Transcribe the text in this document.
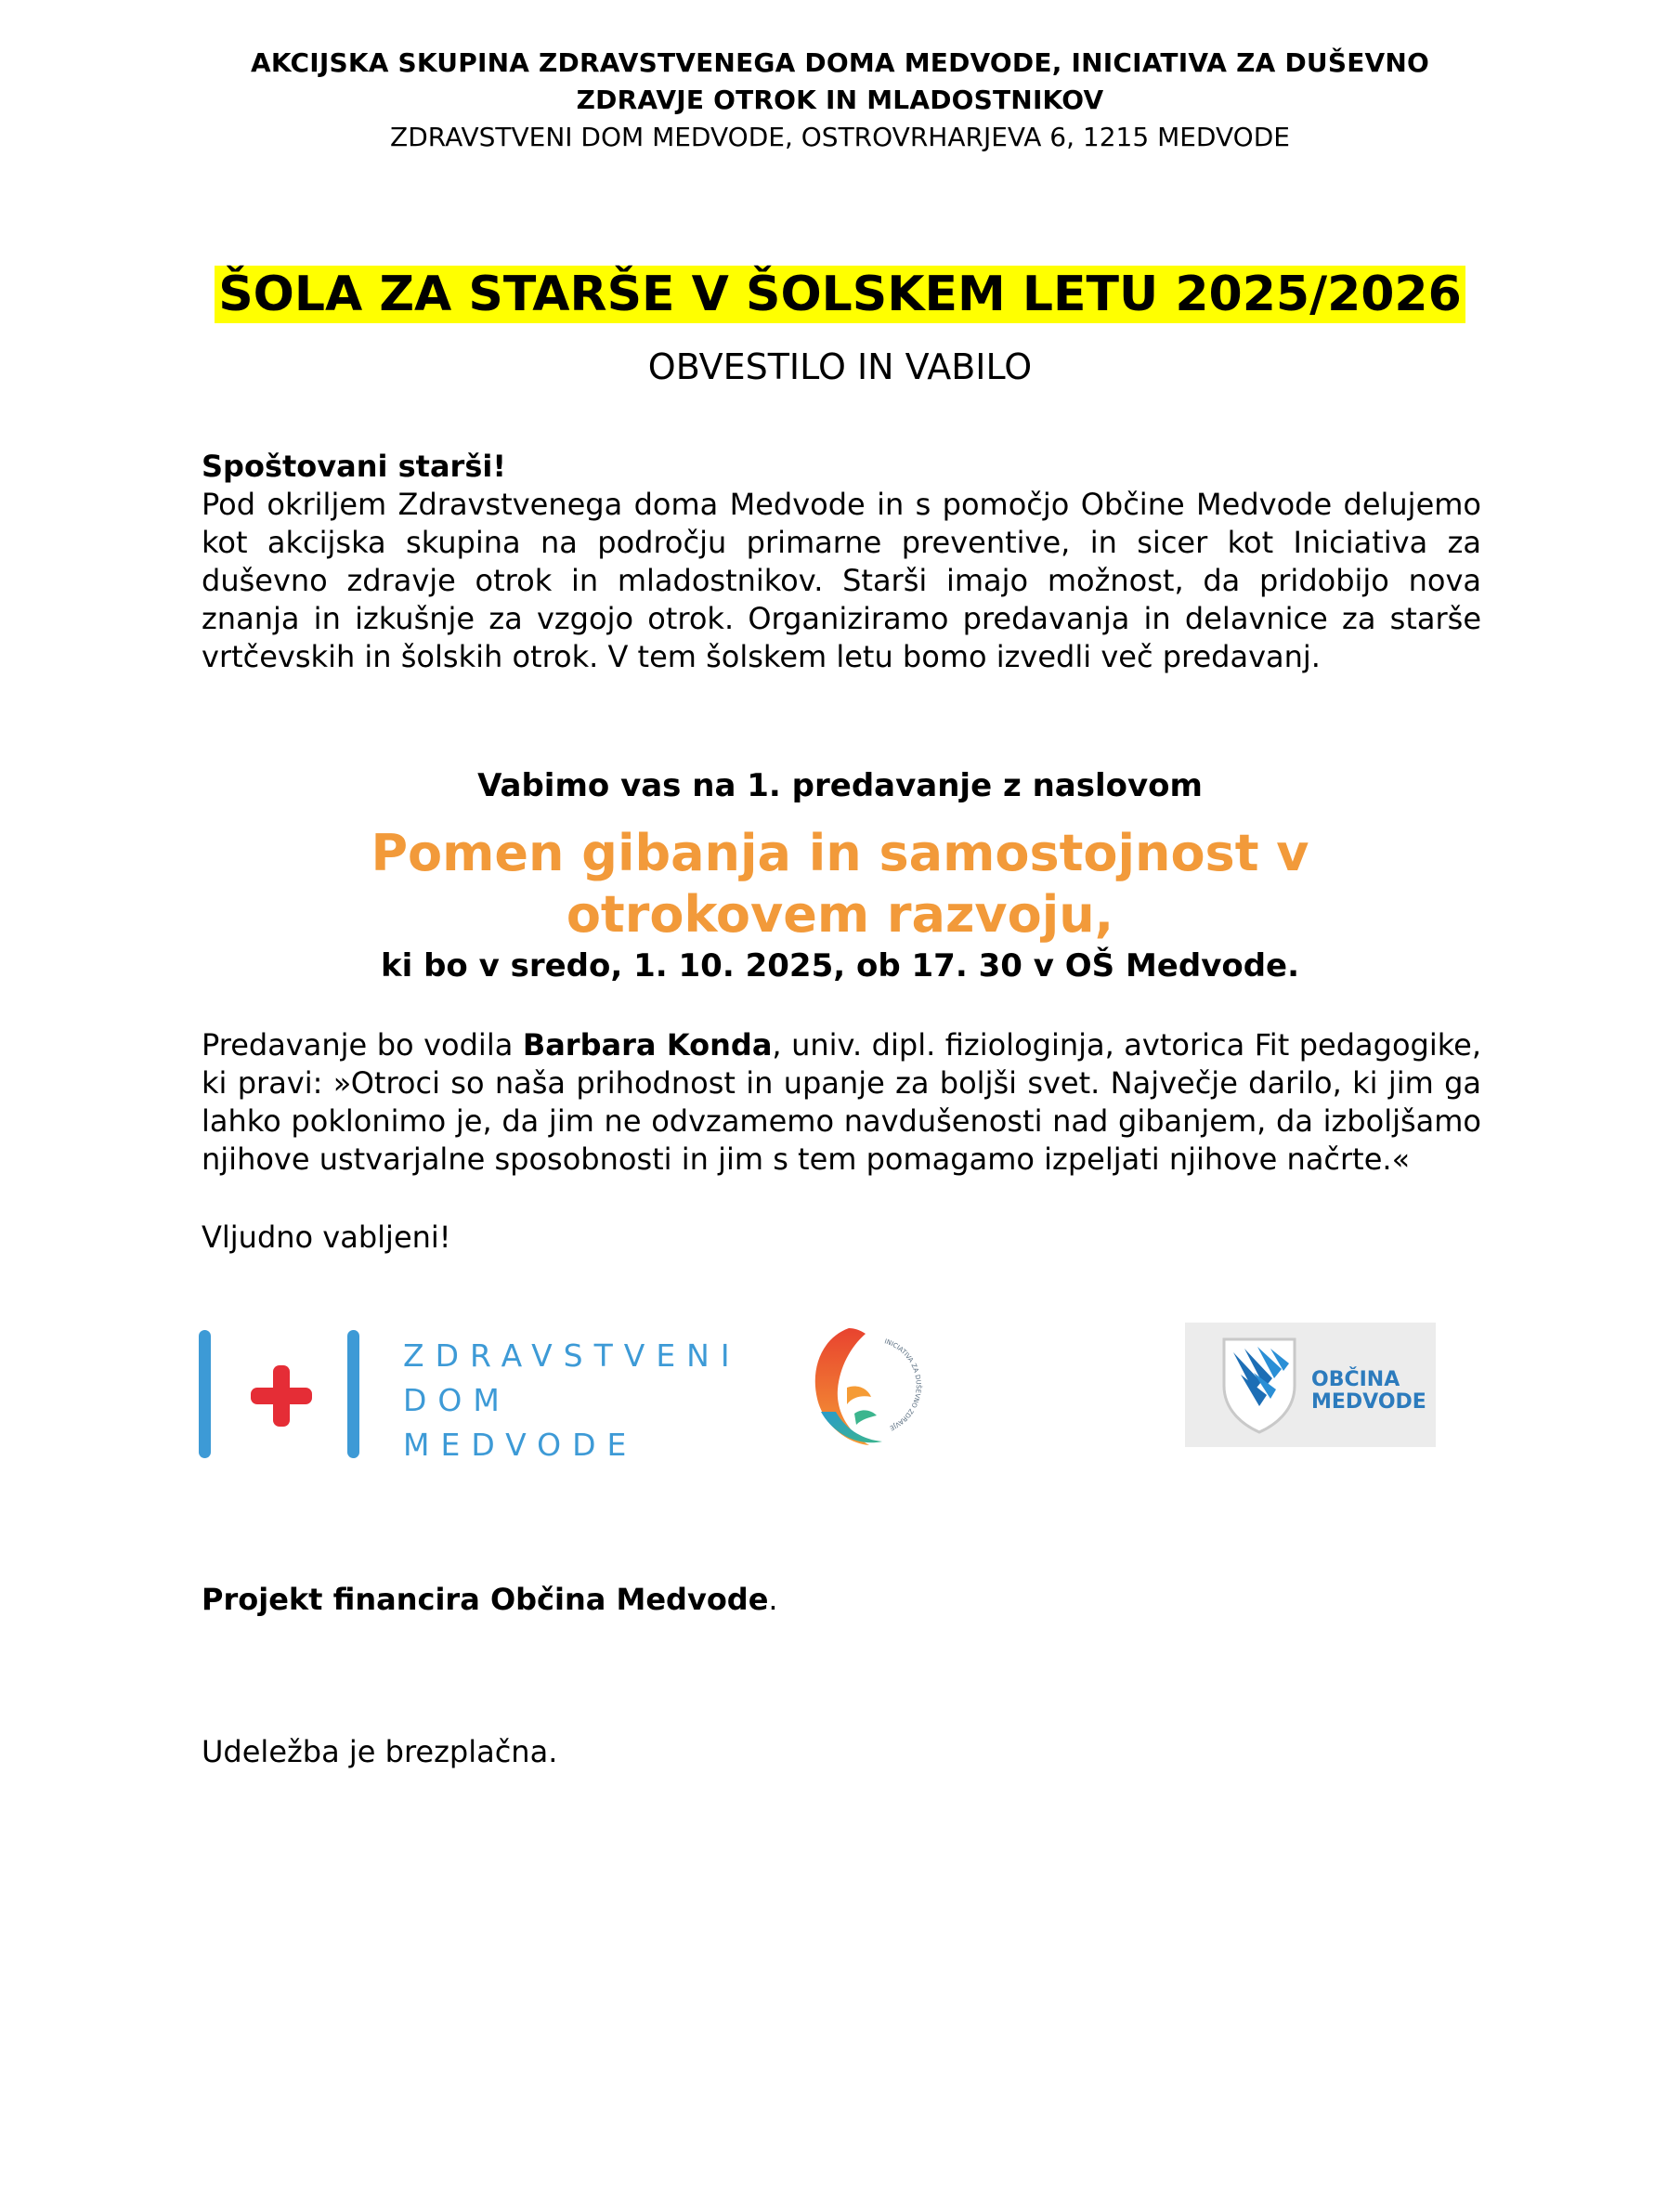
AKCIJSKA SKUPINA ZDRAVSTVENEGA DOMA MEDVODE, INICIATIVA ZA DUŠEVNO
ZDRAVJE OTROK IN MLADOSTNIKOV
ZDRAVSTVENI DOM MEDVODE, OSTROVRHARJEVA 6, 1215 MEDVODE
ŠOLA ZA STARŠE V ŠOLSKEM LETU 2025/2026
OBVESTILO IN VABILO
Spoštovani starši!
Pod okriljem Zdravstvenega doma Medvode in s pomočjo Občine Medvode delujemo kot akcijska skupina na področju primarne preventive, in sicer kot Iniciativa za duševno zdravje otrok in mladostnikov. Starši imajo možnost, da pridobijo nova znanja in izkušnje za vzgojo otrok. Organiziramo predavanja in delavnice za starše vrtčevskih in šolskih otrok. V tem šolskem letu bomo izvedli več predavanj.
Vabimo vas na 1. predavanje z naslovom
Pomen gibanja in samostojnost v
otrokovem razvoju,
ki bo v sredo, 1. 10. 2025, ob 17. 30 v OŠ Medvode.
Predavanje bo vodila Barbara Konda, univ. dipl. fiziologinja, avtorica Fit pedagogike, ki pravi: »Otroci so naša prihodnost in upanje za boljši svet. Največje darilo, ki jim ga lahko poklonimo je, da jim ne odvzamemo navdušenosti nad gibanjem, da izboljšamo njihove ustvarjalne sposobnosti in jim s tem pomagamo izpeljati njihove načrte.«
Vljudno vabljeni!
ZDRAVSTVENI
DOM
MEDVODE
INICIATIVA ZA DUŠEVNO ZDRAVJE
OBČINA
MEDVODE
Projekt financira Občina Medvode.
Udeležba je brezplačna.
